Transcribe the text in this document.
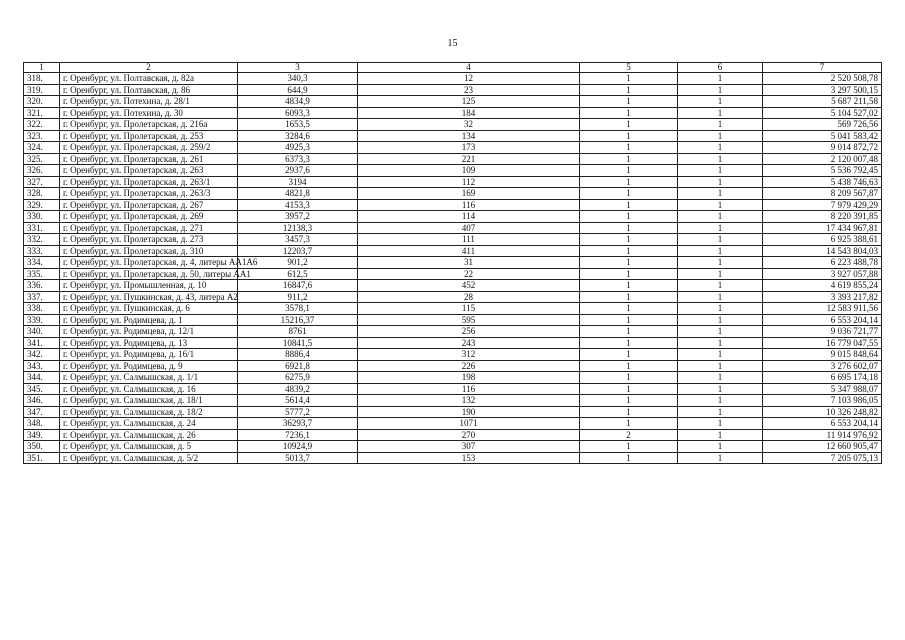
15
1	2	3	4	5	6	7
318.	г. Оренбург, ул. Полтавская, д. 82а	340,3	12	1	1	2 520 508,78
319.	г. Оренбург, ул. Полтавская, д. 86	644,9	23	1	1	3 297 500,15
320.	г. Оренбург, ул. Потехина, д. 28/1	4834,9	125	1	1	5 687 211,58
321.	г. Оренбург, ул. Потехина, д. 30	6093,3	184	1	1	5 104 527,02
322.	г. Оренбург, ул. Пролетарская, д. 216а	1653,5	32	1	1	569 726,56
323.	г. Оренбург, ул. Пролетарская, д. 253	3284,6	134	1	1	5 041 583,42
324.	г. Оренбург, ул. Пролетарская, д. 259/2	4925,3	173	1	1	9 014 872,72
325.	г. Оренбург, ул. Пролетарская, д. 261	6373,3	221	1	1	2 120 007,48
326.	г. Оренбург, ул. Пролетарская, д. 263	2937,6	109	1	1	5 536 792,45
327.	г. Оренбург, ул. Пролетарская, д. 263/1	3194	112	1	1	5 438 746,63
328.	г. Оренбург, ул. Пролетарская, д. 263/3	4821,8	169	1	1	8 209 567,87
329.	г. Оренбург, ул. Пролетарская, д. 267	4153,3	116	1	1	7 979 429,29
330.	г. Оренбург, ул. Пролетарская, д. 269	3957,2	114	1	1	8 220 391,85
331.	г. Оренбург, ул. Пролетарская, д. 271	12138,3	407	1	1	17 434 967,81
332.	г. Оренбург, ул. Пролетарская, д. 273	3457,3	111	1	1	6 925 388,61
333.	г. Оренбург, ул. Пролетарская, д. 310	12203,7	411	1	1	14 543 804,03
334.	г. Оренбург, ул. Пролетарская, д. 4, литеры АА1А6	901,2	31	1	1	6 223 488,78
335.	г. Оренбург, ул. Пролетарская, д. 50, литеры АА1	612,5	22	1	1	3 927 057,88
336.	г. Оренбург, ул. Промышленная, д. 10	16847,6	452	1	1	4 619 855,24
337.	г. Оренбург, ул. Пушкинская, д. 43, литера А2	911,2	28	1	1	3 393 217,82
338.	г. Оренбург, ул. Пушкинская, д. 6	3578,1	115	1	1	12 583 911,56
339.	г. Оренбург, ул. Родимцева, д. 1	15216,37	595	1	1	6 553 204,14
340.	г. Оренбург, ул. Родимцева, д. 12/1	8761	256	1	1	9 036 721,77
341.	г. Оренбург, ул. Родимцева, д. 13	10841,5	243	1	1	16 779 047,55
342.	г. Оренбург, ул. Родимцева, д. 16/1	8886,4	312	1	1	9 015 848,64
343.	г. Оренбург, ул. Родимцева, д. 9	6921,8	226	1	1	3 276 602,07
344.	г. Оренбург, ул. Салмышская, д. 1/1	6275,9	198	1	1	6 695 174,18
345.	г. Оренбург, ул. Салмышская, д. 16	4839,2	116	1	1	5 347 988,07
346.	г. Оренбург, ул. Салмышская, д. 18/1	5614,4	132	1	1	7 103 986,05
347.	г. Оренбург, ул. Салмышская, д. 18/2	5777,2	190	1	1	10 326 248,82
348.	г. Оренбург, ул. Салмышская, д. 24	36293,7	1071	1	1	6 553 204,14
349.	г. Оренбург, ул. Салмышская, д. 26	7236,1	270	2	1	11 914 976,92
350.	г. Оренбург, ул. Салмышская, д. 5	10924,9	307	1	1	12 660 905,47
351.	г. Оренбург, ул. Салмышская, д. 5/2	5013,7	153	1	1	7 205 075,13
